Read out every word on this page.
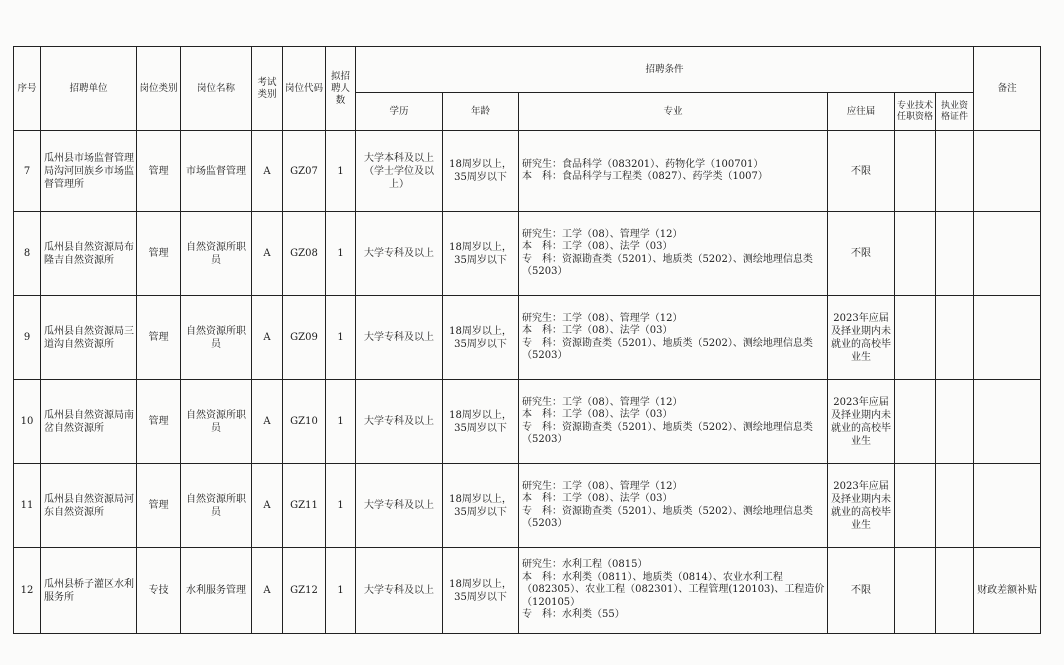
序号	招聘单位	岗位类别	岗位名称	考试类别	岗位代码	拟招聘人数	招聘条件						备注
							学历	年龄	专业	应往届	专业技术任职资格	执业资格证件	
7	瓜州县市场监督管理局沟河回族乡市场监督管理所	管理	市场监督管理	A	GZ07	1	大学本科及以上（学士学位及以上）	18周岁以上，35周岁以下	研究生：食品科学（083201）、药物化学（100701）
本　科：食品科学与工程类（0827）、药学类（1007）	不限			
8	瓜州县自然资源局布隆吉自然资源所	管理	自然资源所职员	A	GZ08	1	大学专科及以上	18周岁以上，35周岁以下	研究生：工学（08）、管理学（12）
本　科：工学（08）、法学（03）
专　科：资源勘查类（5201）、地质类（5202）、测绘地理信息类（5203）	不限			
9	瓜州县自然资源局三道沟自然资源所	管理	自然资源所职员	A	GZ09	1	大学专科及以上	18周岁以上，35周岁以下	研究生：工学（08）、管理学（12）
本　科：工学（08）、法学（03）
专　科：资源勘查类（5201）、地质类（5202）、测绘地理信息类（5203）	2023年应届及择业期内未就业的高校毕业生			
10	瓜州县自然资源局南岔自然资源所	管理	自然资源所职员	A	GZ10	1	大学专科及以上	18周岁以上，35周岁以下	研究生：工学（08）、管理学（12）
本　科：工学（08）、法学（03）
专　科：资源勘查类（5201）、地质类（5202）、测绘地理信息类（5203）	2023年应届及择业期内未就业的高校毕业生			
11	瓜州县自然资源局河东自然资源所	管理	自然资源所职员	A	GZ11	1	大学专科及以上	18周岁以上，35周岁以下	研究生：工学（08）、管理学（12）
本　科：工学（08）、法学（03）
专　科：资源勘查类（5201）、地质类（5202）、测绘地理信息类（5203）	2023年应届及择业期内未就业的高校毕业生			
12	瓜州县桥子灌区水利服务所	专技	水利服务管理	A	GZ12	1	大学专科及以上	18周岁以上，35周岁以下	研究生：水利工程（0815）
本　科：水利类（0811）、地质类（0814）、农业水利工程（082305）、农业工程（082301）、工程管理(120103)、工程造价（120105）
专　科：水利类（55）	不限			财政差额补贴
